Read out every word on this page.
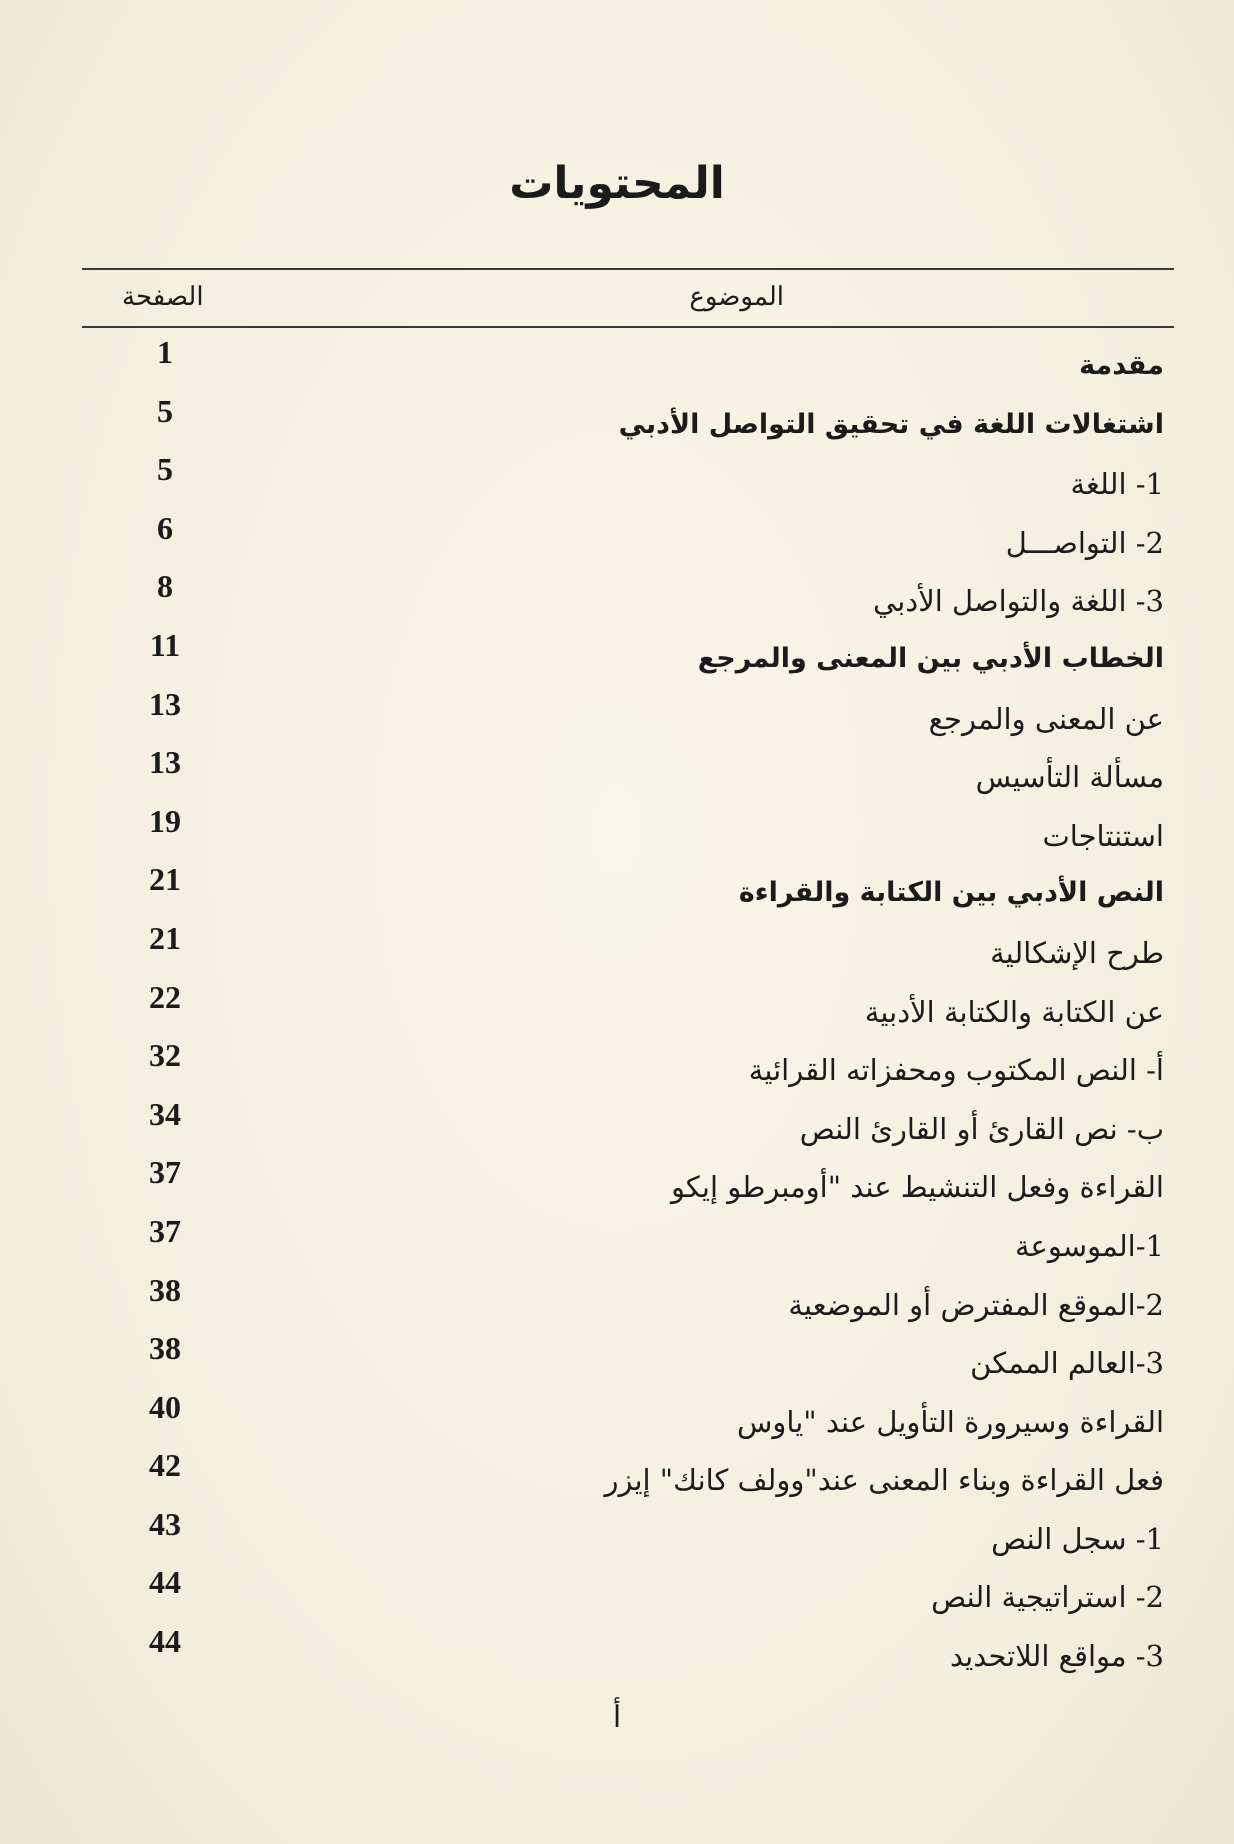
المحتويات
الموضوع
الصفحة
مقدمة
1
اشتغالات اللغة في تحقيق التواصل الأدبي
5
1- اللغة
5
2- التواصـــل
6
3- اللغة والتواصل الأدبي
8
الخطاب الأدبي بين المعنى والمرجع
11
عن المعنى والمرجع
13
مسألة التأسيس
13
استنتاجات
19
النص الأدبي بين الكتابة والقراءة
21
طرح الإشكالية
21
عن الكتابة والكتابة الأدبية
22
أ- النص المكتوب ومحفزاته القرائية
32
ب- نص القارئ أو القارئ النص
34
القراءة وفعل التنشيط عند "أومبرطو إيكو
37
1-الموسوعة
37
2-الموقع المفترض أو الموضعية
38
3-العالم الممكن
38
القراءة وسيرورة التأويل عند "ياوس
40
فعل القراءة وبناء المعنى عند"وولف كانك" إيزر
42
1- سجل النص
43
2- استراتيجية النص
44
3- مواقع اللاتحديد
44
أ
